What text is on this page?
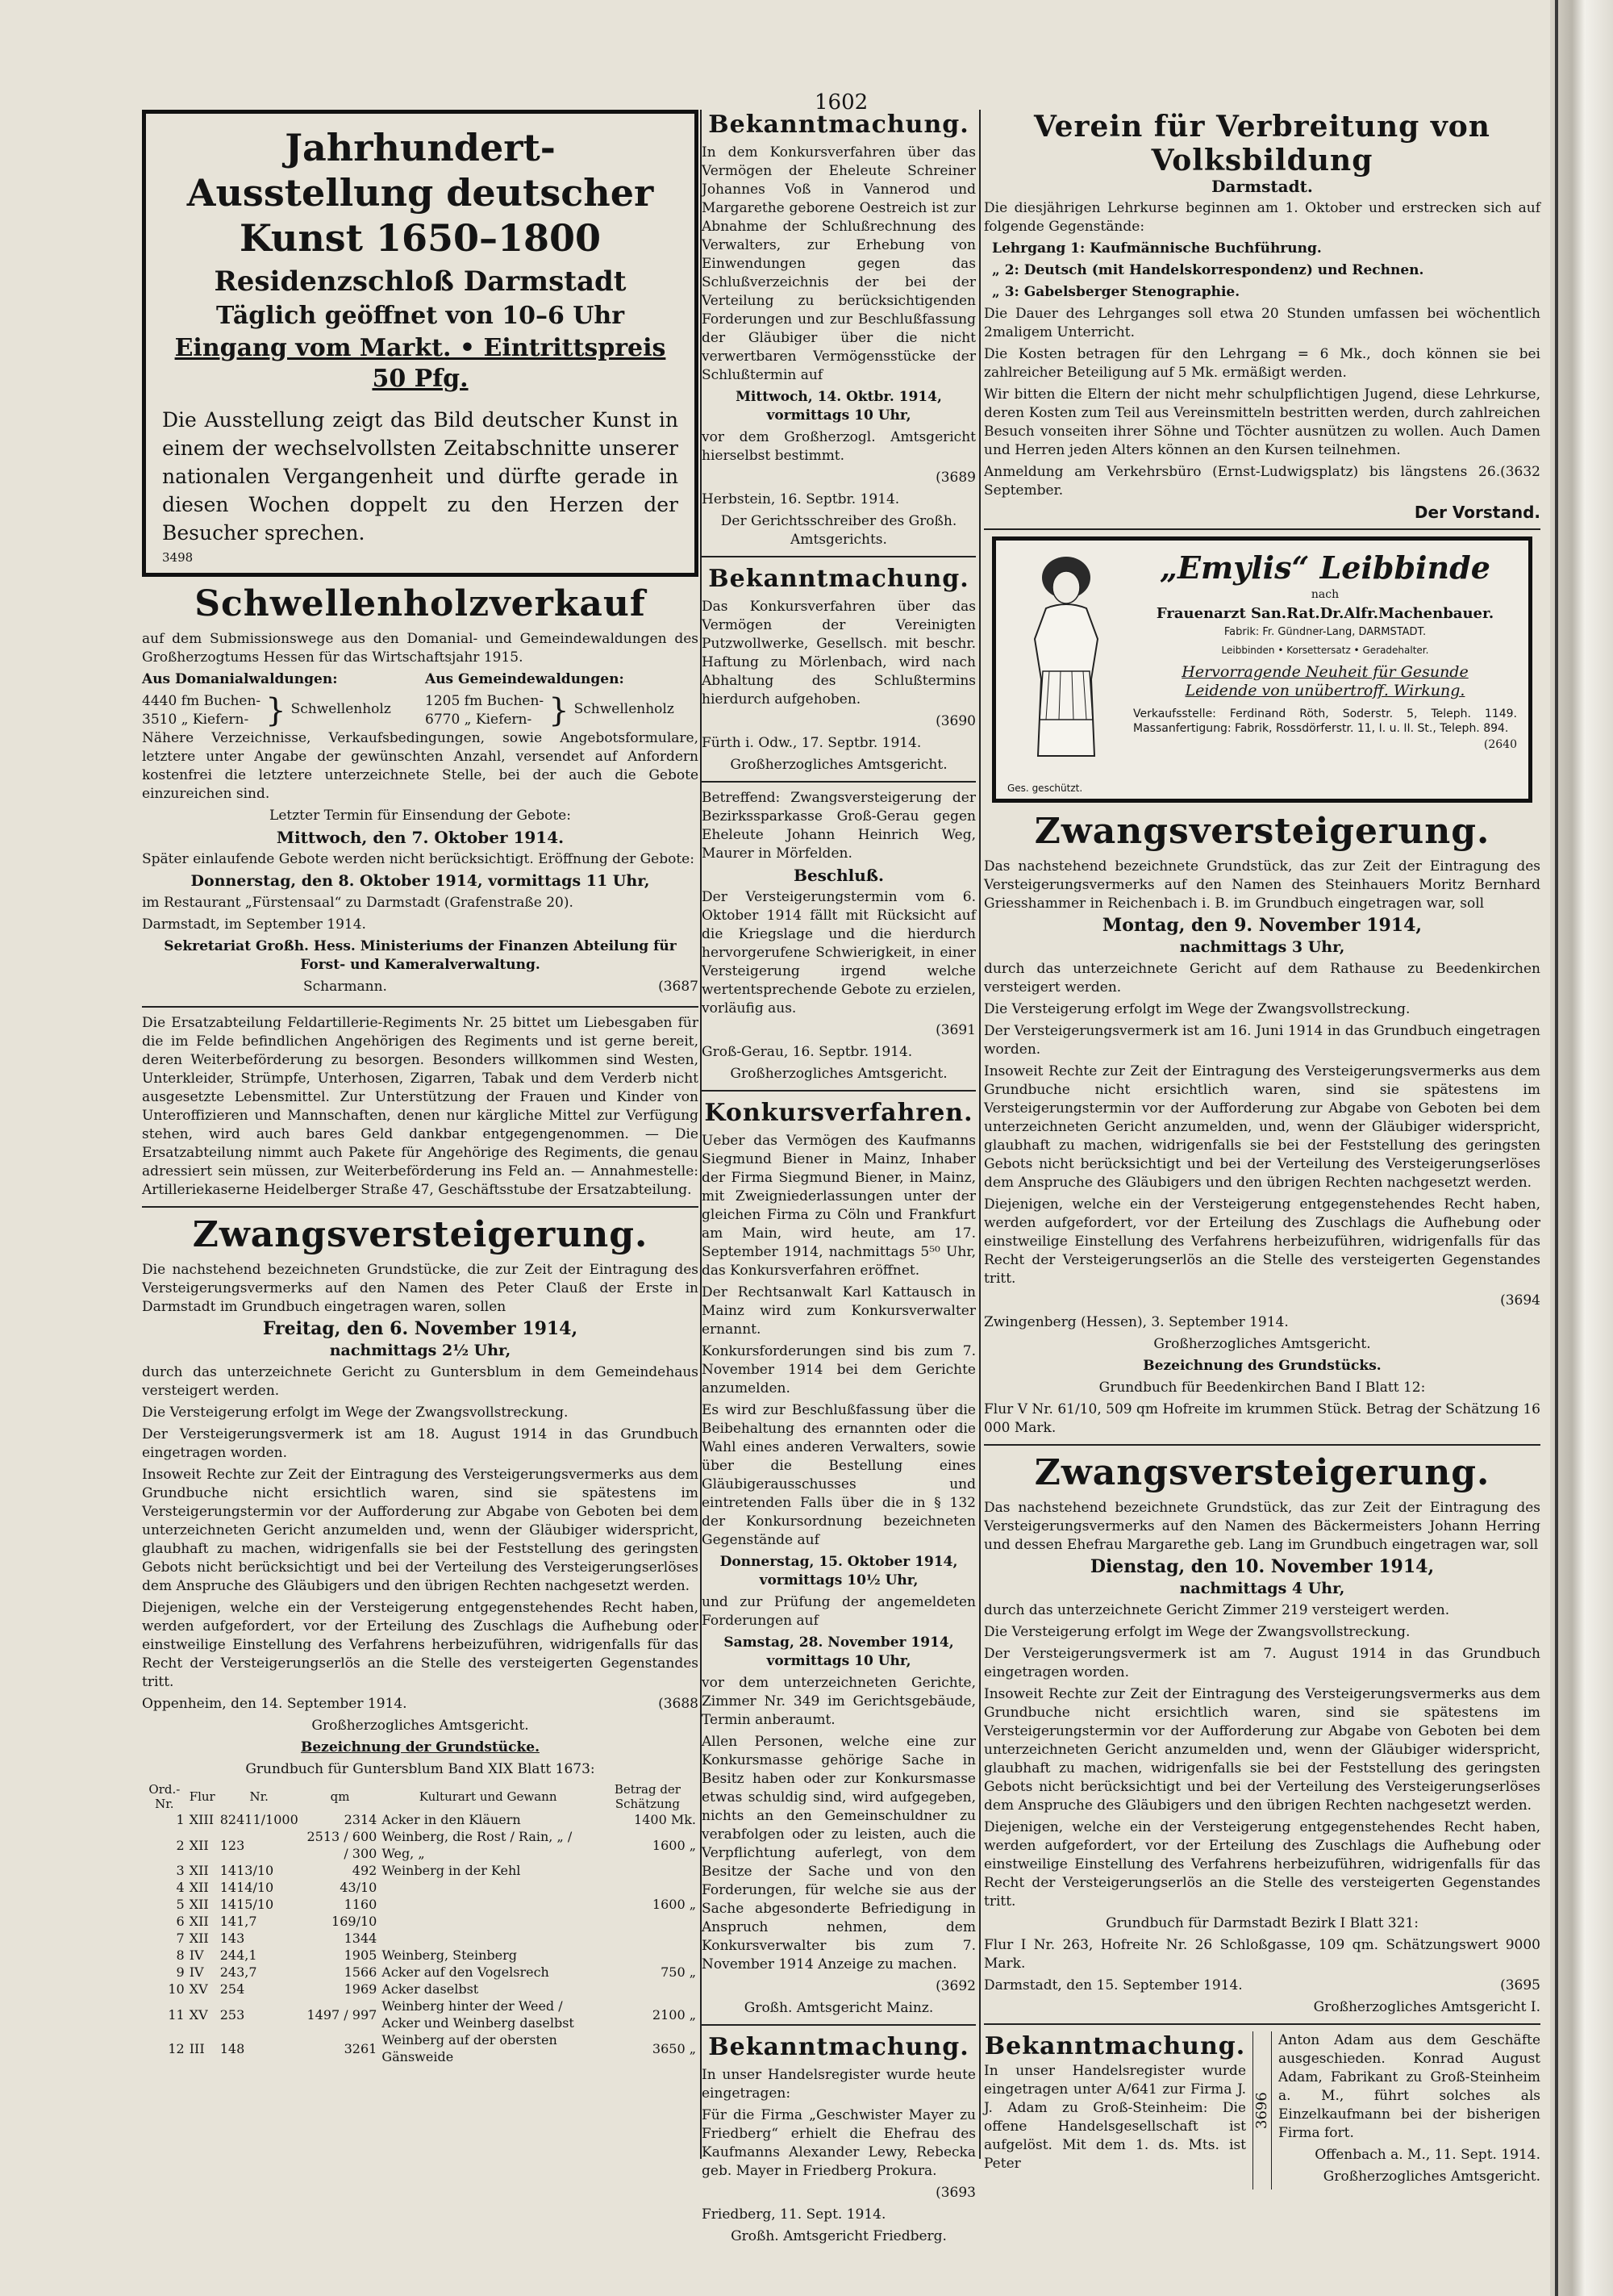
1602

Jahrhundert-Ausstellung deutscher Kunst 1650–1800

Residenzschloß Darmstadt

Täglich geöffnet von 10–6 Uhr

Eingang vom Markt. • Eintrittspreis 50 Pfg.

Die Ausstellung zeigt das Bild deutscher Kunst in einem der wechselvollsten Zeitabschnitte unserer nationalen Vergangenheit und dürfte gerade in diesen Wochen doppelt zu den Herzen der Besucher sprechen.

3498

Schwellenholzverkauf

auf dem Submissionswege aus den Domanial- und Gemeindewaldungen des Großherzogtums Hessen für das Wirtschaftsjahr 1915.

Aus Domanialwaldungen:

4440 fm Buchen-

3510 „ Kiefern- } Schwellenholz

Aus Gemeindewaldungen:

1205 fm Buchen-

6770 „ Kiefern- } Schwellenholz

Nähere Verzeichnisse, Verkaufsbedingungen, sowie Angebotsformulare, letztere unter Angabe der gewünschten Anzahl, versendet auf Anfordern kostenfrei die letztere unterzeichnete Stelle, bei der auch die Gebote einzureichen sind.

Letzter Termin für Einsendung der Gebote:

Mittwoch, den 7. Oktober 1914.

Später einlaufende Gebote werden nicht berücksichtigt. Eröffnung der Gebote:

Donnerstag, den 8. Oktober 1914, vormittags 11 Uhr,

im Restaurant „Fürstensaal“ zu Darmstadt (Grafenstraße 20).

Darmstadt, im September 1914.

Sekretariat Großh. Hess. Ministeriums der Finanzen Abteilung für Forst- und Kameralverwaltung.

Scharmann.	(3687

Die Ersatzabteilung Feldartillerie-Regiments Nr. 25 bittet um Liebesgaben für die im Felde befindlichen Angehörigen des Regiments und ist gerne bereit, deren Weiterbeförderung zu besorgen. Besonders willkommen sind Westen, Unterkleider, Strümpfe, Unterhosen, Zigarren, Tabak und dem Verderb nicht ausgesetzte Lebensmittel. Zur Unterstützung der Frauen und Kinder von Unteroffizieren und Mannschaften, denen nur kärgliche Mittel zur Verfügung stehen, wird auch bares Geld dankbar entgegengenommen. — Die Ersatzabteilung nimmt auch Pakete für Angehörige des Regiments, die genau adressiert sein müssen, zur Weiterbeförderung ins Feld an. — Annahmestelle: Artilleriekaserne Heidelberger Straße 47, Geschäftsstube der Ersatzabteilung.

Zwangsversteigerung.

Die nachstehend bezeichneten Grundstücke, die zur Zeit der Eintragung des Versteigerungsvermerks auf den Namen des Peter Clauß der Erste in Darmstadt im Grundbuch eingetragen waren, sollen

Freitag, den 6. November 1914,

nachmittags 2½ Uhr,

durch das unterzeichnete Gericht zu Guntersblum in dem Gemeindehaus versteigert werden.

Die Versteigerung erfolgt im Wege der Zwangsvollstreckung.

Der Versteigerungsvermerk ist am 18. August 1914 in das Grundbuch eingetragen worden.

Insoweit Rechte zur Zeit der Eintragung des Versteigerungsvermerks aus dem Grundbuche nicht ersichtlich waren, sind sie spätestens im Versteigerungstermin vor der Aufforderung zur Abgabe von Geboten bei dem unterzeichneten Gericht anzumelden und, wenn der Gläubiger widerspricht, glaubhaft zu machen, widrigenfalls sie bei der Feststellung des geringsten Gebots nicht berücksichtigt und bei der Verteilung des Versteigerungserlöses dem Anspruche des Gläubigers und den übrigen Rechten nachgesetzt werden.

Diejenigen, welche ein der Versteigerung entgegenstehendes Recht haben, werden aufgefordert, vor der Erteilung des Zuschlags die Aufhebung oder einstweilige Einstellung des Verfahrens herbeizuführen, widrigenfalls für das Recht der Versteigerungserlös an die Stelle des versteigerten Gegenstandes tritt.

Oppenheim, den 14. September 1914.	(3688

Großherzogliches Amtsgericht.

Bezeichnung der Grundstücke.

Grundbuch für Guntersblum Band XIX Blatt 1673:

Ord.-Nr.	Flur	Nr.	qm	Kulturart und Gewann	Betrag der Schätzung
1	XIII	82411/1000	2314	Acker in den Kläuern	1400 Mk.
2	XII	123	2513 / 600 / 300	Weinberg, die Rost / Rain, „ / Weg, „	1600 „
3	XII	1413/10	492	Weinberg in der Kehl	
4	XII	1414/10	43/10		
5	XII	1415/10	1160		1600 „
6	XII	141,7	169/10		
7	XII	143	1344		
8	IV	244,1	1905	Weinberg, Steinberg	
9	IV	243,7	1566	Acker auf den Vogelsrech	750 „
10	XV	254	1969	Acker daselbst	
11	XV	253	1497 / 997	Weinberg hinter der Weed / Acker und Weinberg daselbst	2100 „
12	III	148	3261	Weinberg auf der obersten Gänsweide	3650 „

Bekanntmachung.

In dem Konkursverfahren über das Vermögen der Eheleute Schreiner Johannes Voß in Vannerod und Margarethe geborene Oestreich ist zur Abnahme der Schlußrechnung des Verwalters, zur Erhebung von Einwendungen gegen das Schlußverzeichnis der bei der Verteilung zu berücksichtigenden Forderungen und zur Beschlußfassung der Gläubiger über die nicht verwertbaren Vermögensstücke der Schlußtermin auf

Mittwoch, 14. Oktbr. 1914, vormittags 10 Uhr,

vor dem Großherzogl. Amtsgericht hierselbst bestimmt.

(3689

Herbstein, 16. Septbr. 1914.

Der Gerichtsschreiber des Großh. Amtsgerichts.

Bekanntmachung.

Das Konkursverfahren über das Vermögen der Vereinigten Putzwollwerke, Gesellsch. mit beschr. Haftung zu Mörlenbach, wird nach Abhaltung des Schlußtermins hierdurch aufgehoben.

(3690

Fürth i. Odw., 17. Septbr. 1914.

Großherzogliches Amtsgericht.

Betreffend: Zwangsversteigerung der Bezirkssparkasse Groß-Gerau gegen Eheleute Johann Heinrich Weg, Maurer in Mörfelden.

Beschluß.

Der Versteigerungstermin vom 6. Oktober 1914 fällt mit Rücksicht auf die Kriegslage und die hierdurch hervorgerufene Schwierigkeit, in einer Versteigerung irgend welche wertentsprechende Gebote zu erzielen, vorläufig aus.

(3691

Groß-Gerau, 16. Septbr. 1914.

Großherzogliches Amtsgericht.

Konkursverfahren.

Ueber das Vermögen des Kaufmanns Siegmund Biener in Mainz, Inhaber der Firma Siegmund Biener, in Mainz, mit Zweigniederlassungen unter der gleichen Firma zu Cöln und Frankfurt am Main, wird heute, am 17. September 1914, nachmittags 5⁵⁰ Uhr, das Konkursverfahren eröffnet.

Der Rechtsanwalt Karl Kattausch in Mainz wird zum Konkursverwalter ernannt.

Konkursforderungen sind bis zum 7. November 1914 bei dem Gerichte anzumelden.

Es wird zur Beschlußfassung über die Beibehaltung des ernannten oder die Wahl eines anderen Verwalters, sowie über die Bestellung eines Gläubigerausschusses und eintretenden Falls über die in § 132 der Konkursordnung bezeichneten Gegenstände auf

Donnerstag, 15. Oktober 1914, vormittags 10½ Uhr,

und zur Prüfung der angemeldeten Forderungen auf

Samstag, 28. November 1914, vormittags 10 Uhr,

vor dem unterzeichneten Gerichte, Zimmer Nr. 349 im Gerichtsgebäude, Termin anberaumt.

Allen Personen, welche eine zur Konkursmasse gehörige Sache in Besitz haben oder zur Konkursmasse etwas schuldig sind, wird aufgegeben, nichts an den Gemeinschuldner zu verabfolgen oder zu leisten, auch die Verpflichtung auferlegt, von dem Besitze der Sache und von den Forderungen, für welche sie aus der Sache abgesonderte Befriedigung in Anspruch nehmen, dem Konkursverwalter bis zum 7. November 1914 Anzeige zu machen.

(3692

Großh. Amtsgericht Mainz.

Bekanntmachung.

In unser Handelsregister wurde heute eingetragen:

Für die Firma „Geschwister Mayer zu Friedberg“ erhielt die Ehefrau des Kaufmanns Alexander Lewy, Rebecka geb. Mayer in Friedberg Prokura.

(3693

Friedberg, 11. Sept. 1914.

Großh. Amtsgericht Friedberg.

Verein für Verbreitung von Volksbildung

Darmstadt.

Die diesjährigen Lehrkurse beginnen am 1. Oktober und erstrecken sich auf folgende Gegenstände:

Lehrgang 1: Kaufmännische Buchführung.

„ 2: Deutsch (mit Handelskorrespondenz) und Rechnen.

„ 3: Gabelsberger Stenographie.

Die Dauer des Lehrganges soll etwa 20 Stunden umfassen bei wöchentlich 2maligem Unterricht.

Die Kosten betragen für den Lehrgang = 6 Mk., doch können sie bei zahlreicher Beteiligung auf 5 Mk. ermäßigt werden.

Wir bitten die Eltern der nicht mehr schulpflichtigen Jugend, diese Lehrkurse, deren Kosten zum Teil aus Vereinsmitteln bestritten werden, durch zahlreichen Besuch vonseiten ihrer Söhne und Töchter ausnützen zu wollen. Auch Damen und Herren jeden Alters können an den Kursen teilnehmen.

Anmeldung am Verkehrsbüro (Ernst-Ludwigsplatz) bis längstens 26. September.

(3632

Der Vorstand.

„Emylis“ Leibbinde

nach

Frauenarzt San.Rat.Dr.Alfr.Machenbauer.

Fabrik: Fr. Gündner-Lang, DARMSTADT.

Leibbinden • Korsettersatz • Geradehalter.

Hervorragende Neuheit für Gesunde

Leidende von unübertroff. Wirkung.

Verkaufsstelle: Ferdinand Röth, Soderstr. 5, Teleph. 1149. Massanfertigung: Fabrik, Rossdörferstr. 11, I. u. II. St., Teleph. 894.

(2640

Ges. geschützt.

Zwangsversteigerung.

Das nachstehend bezeichnete Grundstück, das zur Zeit der Eintragung des Versteigerungsvermerks auf den Namen des Steinhauers Moritz Bernhard Griesshammer in Reichenbach i. B. im Grundbuch eingetragen war, soll

Montag, den 9. November 1914,

nachmittags 3 Uhr,

durch das unterzeichnete Gericht auf dem Rathause zu Beedenkirchen versteigert werden.

Die Versteigerung erfolgt im Wege der Zwangsvollstreckung.

Der Versteigerungsvermerk ist am 16. Juni 1914 in das Grundbuch eingetragen worden.

Insoweit Rechte zur Zeit der Eintragung des Versteigerungsvermerks aus dem Grundbuche nicht ersichtlich waren, sind sie spätestens im Versteigerungstermin vor der Aufforderung zur Abgabe von Geboten bei dem unterzeichneten Gericht anzumelden, und, wenn der Gläubiger widerspricht, glaubhaft zu machen, widrigenfalls sie bei der Feststellung des geringsten Gebots nicht berücksichtigt und bei der Verteilung des Versteigerungserlöses dem Anspruche des Gläubigers und den übrigen Rechten nachgesetzt werden.

Diejenigen, welche ein der Versteigerung entgegenstehendes Recht haben, werden aufgefordert, vor der Erteilung des Zuschlags die Aufhebung oder einstweilige Einstellung des Verfahrens herbeizuführen, widrigenfalls für das Recht der Versteigerungserlös an die Stelle des versteigerten Gegenstandes tritt.

(3694

Zwingenberg (Hessen), 3. September 1914.

Großherzogliches Amtsgericht.

Bezeichnung des Grundstücks.

Grundbuch für Beedenkirchen Band I Blatt 12:

Flur V Nr. 61/10, 509 qm Hofreite im krummen Stück. Betrag der Schätzung 16 000 Mark.

Zwangsversteigerung.

Das nachstehend bezeichnete Grundstück, das zur Zeit der Eintragung des Versteigerungsvermerks auf den Namen des Bäckermeisters Johann Herring und dessen Ehefrau Margarethe geb. Lang im Grundbuch eingetragen war, soll

Dienstag, den 10. November 1914,

nachmittags 4 Uhr,

durch das unterzeichnete Gericht Zimmer 219 versteigert werden.

Die Versteigerung erfolgt im Wege der Zwangsvollstreckung.

Der Versteigerungsvermerk ist am 7. August 1914 in das Grundbuch eingetragen worden.

Insoweit Rechte zur Zeit der Eintragung des Versteigerungsvermerks aus dem Grundbuche nicht ersichtlich waren, sind sie spätestens im Versteigerungstermin vor der Aufforderung zur Abgabe von Geboten bei dem unterzeichneten Gericht anzumelden und, wenn der Gläubiger widerspricht, glaubhaft zu machen, widrigenfalls sie bei der Feststellung des geringsten Gebots nicht berücksichtigt und bei der Verteilung des Versteigerungserlöses dem Anspruche des Gläubigers und den übrigen Rechten nachgesetzt werden.

Diejenigen, welche ein der Versteigerung entgegenstehendes Recht haben, werden aufgefordert, vor der Erteilung des Zuschlags die Aufhebung oder einstweilige Einstellung des Verfahrens herbeizuführen, widrigenfalls für das Recht der Versteigerungserlös an die Stelle des versteigerten Gegenstandes tritt.

Grundbuch für Darmstadt Bezirk I Blatt 321:

Flur I Nr. 263, Hofreite Nr. 26 Schloßgasse, 109 qm. Schätzungswert 9000 Mark.

Darmstadt, den 15. September 1914.	(3695

Großherzogliches Amtsgericht I.

Bekanntmachung.

In unser Handelsregister wurde eingetragen unter A/641 zur Firma J. J. Adam zu Groß-Steinheim: Die offene Handelsgesellschaft ist aufgelöst. Mit dem 1. ds. Mts. ist Peter

3696

Anton Adam aus dem Geschäfte ausgeschieden. Konrad August Adam, Fabrikant zu Groß-Steinheim a. M., führt solches als Einzelkaufmann bei der bisherigen Firma fort.

Offenbach a. M., 11. Sept. 1914.

Großherzogliches Amtsgericht.
